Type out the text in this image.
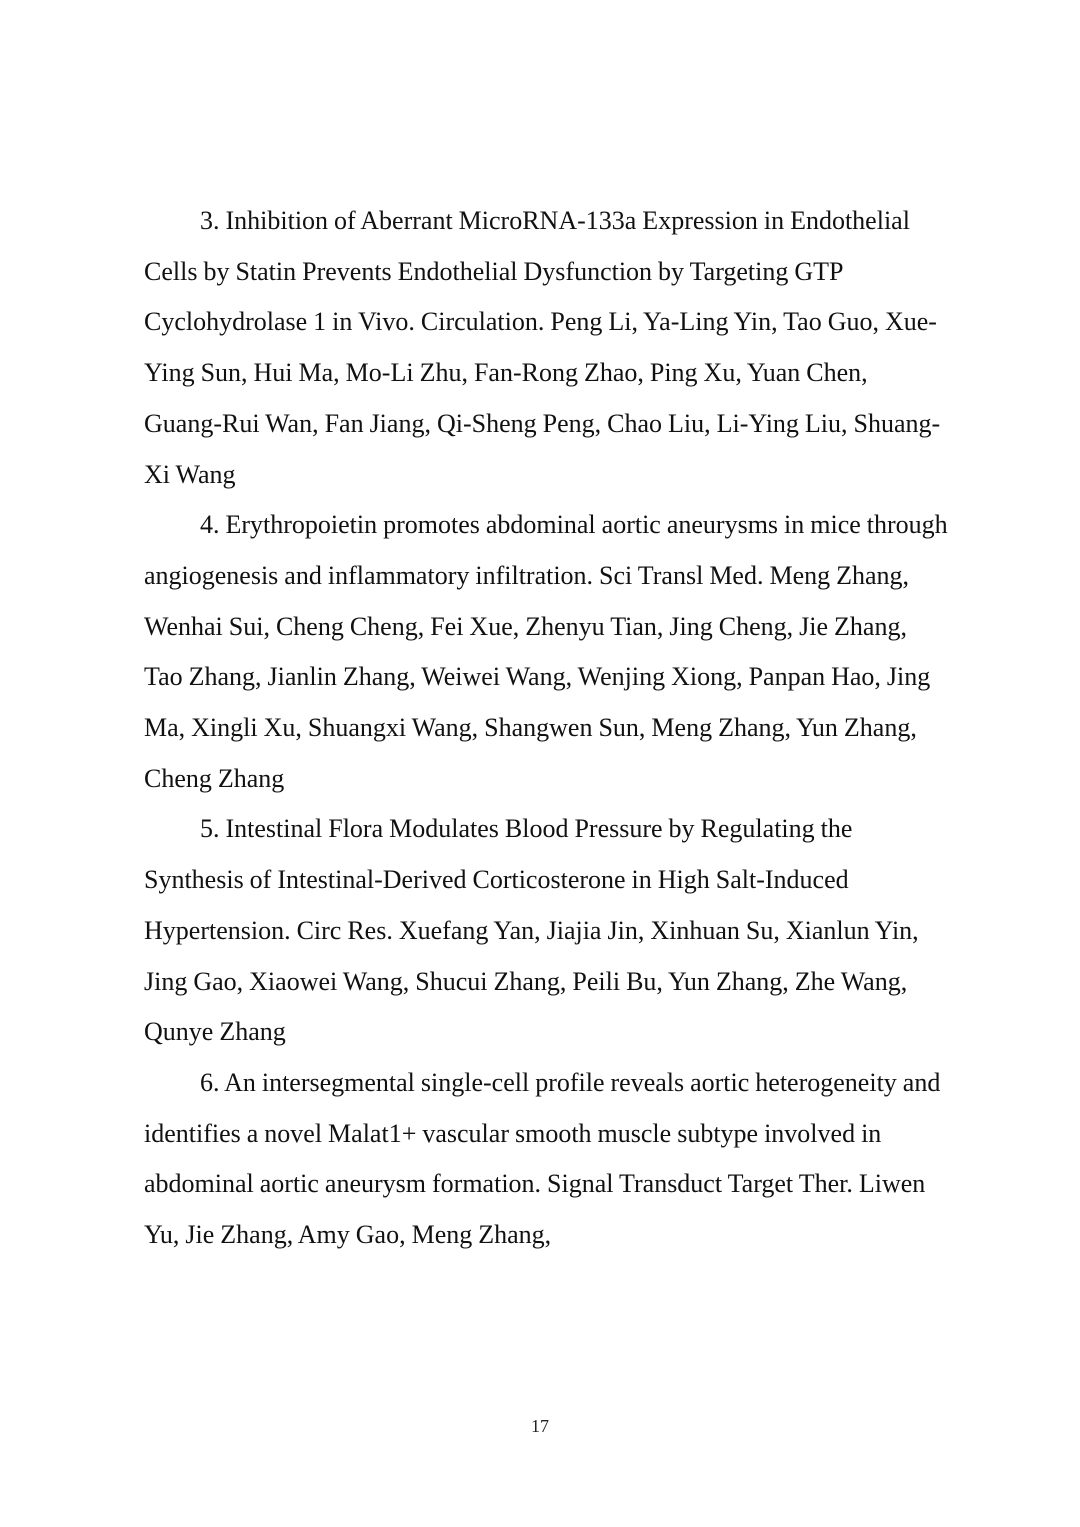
3. Inhibition of Aberrant MicroRNA-133a Expression in Endothelial Cells by Statin Prevents Endothelial Dysfunction by Targeting GTP Cyclohydrolase 1 in Vivo. Circulation. Peng Li, Ya-Ling Yin, Tao Guo, Xue-Ying Sun, Hui Ma, Mo-Li Zhu, Fan-Rong Zhao, Ping Xu, Yuan Chen, Guang-Rui Wan, Fan Jiang, Qi-Sheng Peng, Chao Liu, Li-Ying Liu, Shuang-Xi Wang

4. Erythropoietin promotes abdominal aortic aneurysms in mice through angiogenesis and inflammatory infiltration. Sci Transl Med. Meng Zhang, Wenhai Sui, Cheng Cheng, Fei Xue, Zhenyu Tian, Jing Cheng, Jie Zhang, Tao Zhang, Jianlin Zhang, Weiwei Wang, Wenjing Xiong, Panpan Hao, Jing Ma, Xingli Xu, Shuangxi Wang, Shangwen Sun, Meng Zhang, Yun Zhang, Cheng Zhang

5. Intestinal Flora Modulates Blood Pressure by Regulating the Synthesis of Intestinal-Derived Corticosterone in High Salt-Induced Hypertension. Circ Res. Xuefang Yan, Jiajia Jin, Xinhuan Su, Xianlun Yin, Jing Gao, Xiaowei Wang, Shucui Zhang, Peili Bu, Yun Zhang, Zhe Wang, Qunye Zhang

6. An intersegmental single-cell profile reveals aortic heterogeneity and identifies a novel Malat1+ vascular smooth muscle subtype involved in abdominal aortic aneurysm formation. Signal Transduct Target Ther. Liwen Yu, Jie Zhang, Amy Gao, Meng Zhang,

17
